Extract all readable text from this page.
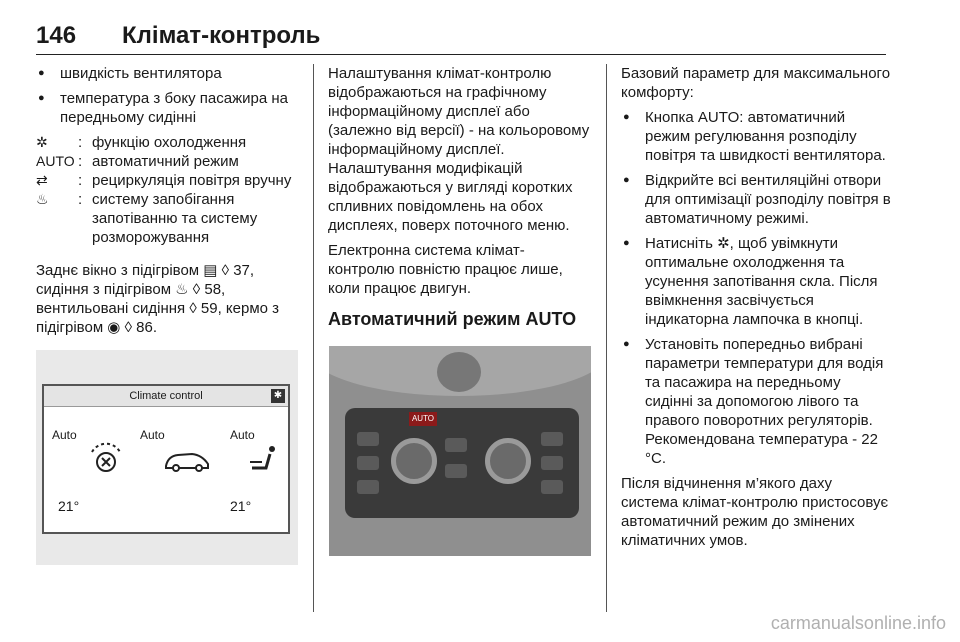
146 Клімат-контроль
● швидкість вентилятора
● температура з боку пасажира на передньому сидінні
✲	: функцію охолодження
AUTO : автоматичний режим
⇄	: рециркуляція повітря вручну
♨	: систему запобігання запотіванню та систему розморожування

Заднє вікно з підігрівом ▤ ◊ 37, сидіння з підігрівом ♨ ◊ 58, вентильовані сидіння ◊ 59, кермо з підігрівом ◉ ◊ 86.

Climate control	✱
Auto	Auto	Auto
21°	21°

Налаштування клімат-контролю відображаються на графічному інформаційному дисплеї або (залежно від версії) - на кольоровому інформаційному дисплеї. Налаштування модифікацій відображаються у вигляді коротких спливних повідомлень на обох дисплеях, поверх поточного меню.

Електронна система клімат-контролю повністю працює лише, коли працює двигун.

Автоматичний режим AUTO
AUTO

Базовий параметр для максимального комфорту:

● Кнопка AUTO: автоматичний режим регулювання розподілу повітря та швидкості вентилятора.
● Відкрийте всі вентиляційні отвори для оптимізації розподілу повітря в автоматичному режимі.
● Натисніть ✲, щоб увімкнути оптимальне охолодження та усунення запотівання скла. Після ввімкнення засвічується індикаторна лампочка в кнопці.
● Установіть попередньо вибрані параметри температури для водія та пасажира на передньому сидінні за допомогою лівого та правого поворотних регуляторів. Рекомендована температура - 22 °C.

Після відчинення м’якого даху система клімат-контролю пристосовує автоматичний режим до змінених кліматичних умов.

carmanualsonline.info
